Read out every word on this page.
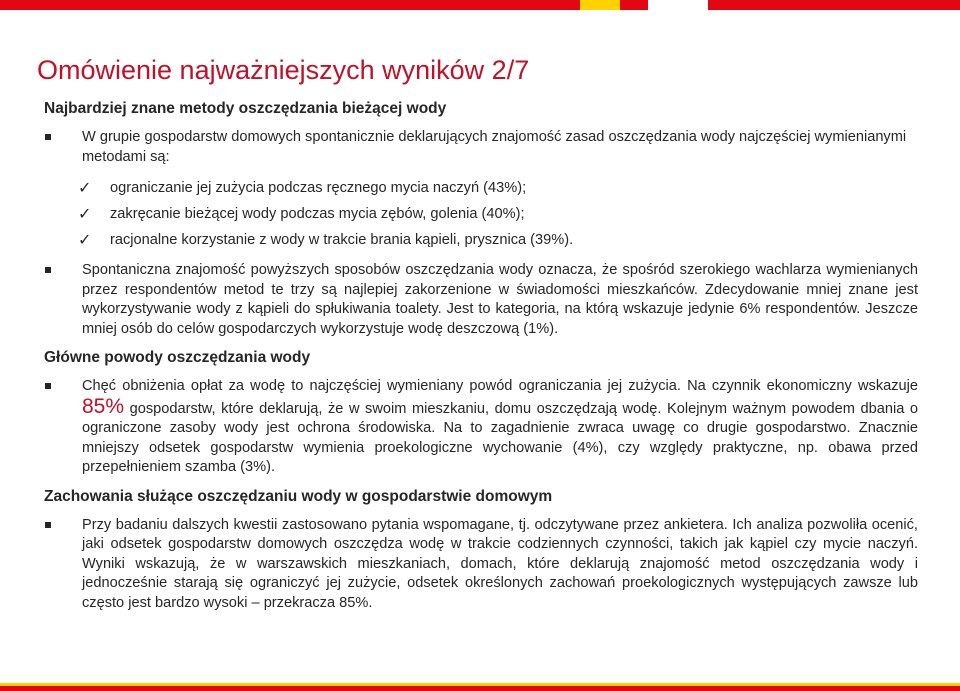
Omówienie najważniejszych wyników 2/7
Najbardziej znane metody oszczędzania bieżącej wody
W grupie gospodarstw domowych spontanicznie deklarujących znajomość zasad oszczędzania wody najczęściej wymienianymi metodami są:
✓	ograniczanie jej zużycia podczas ręcznego mycia naczyń (43%);
✓	zakręcanie bieżącej wody podczas mycia zębów, golenia (40%);
✓	racjonalne korzystanie z wody w trakcie brania kąpieli, prysznica (39%).
Spontaniczna znajomość powyższych sposobów oszczędzania wody oznacza, że spośród szerokiego wachlarza wymienianych przez respondentów metod te trzy są najlepiej zakorzenione w świadomości mieszkańców. Zdecydowanie mniej znane jest wykorzystywanie wody z kąpieli do spłukiwania toalety. Jest to kategoria, na którą wskazuje jedynie 6% respondentów. Jeszcze mniej osób do celów gospodarczych wykorzystuje wodę deszczową (1%).
Główne powody oszczędzania wody
Chęć obniżenia opłat za wodę to najczęściej wymieniany powód ograniczania jej zużycia. Na czynnik ekonomiczny wskazuje 85% gospodarstw, które deklarują, że w swoim mieszkaniu, domu oszczędzają wodę. Kolejnym ważnym powodem dbania o ograniczone zasoby wody jest ochrona środowiska. Na to zagadnienie zwraca uwagę co drugie gospodarstwo. Znacznie mniejszy odsetek gospodarstw wymienia proekologiczne wychowanie (4%), czy względy praktyczne, np. obawa przed przepełnieniem szamba (3%).
Zachowania służące oszczędzaniu wody w gospodarstwie domowym
Przy badaniu dalszych kwestii zastosowano pytania wspomagane, tj. odczytywane przez ankietera. Ich analiza pozwoliła ocenić, jaki odsetek gospodarstw domowych oszczędza wodę w trakcie codziennych czynności, takich jak kąpiel czy mycie naczyń. Wyniki wskazują, że w warszawskich mieszkaniach, domach, które deklarują znajomość metod oszczędzania wody i jednocześnie starają się ograniczyć jej zużycie, odsetek określonych zachowań proekologicznych występujących zawsze lub często jest bardzo wysoki – przekracza 85%.
